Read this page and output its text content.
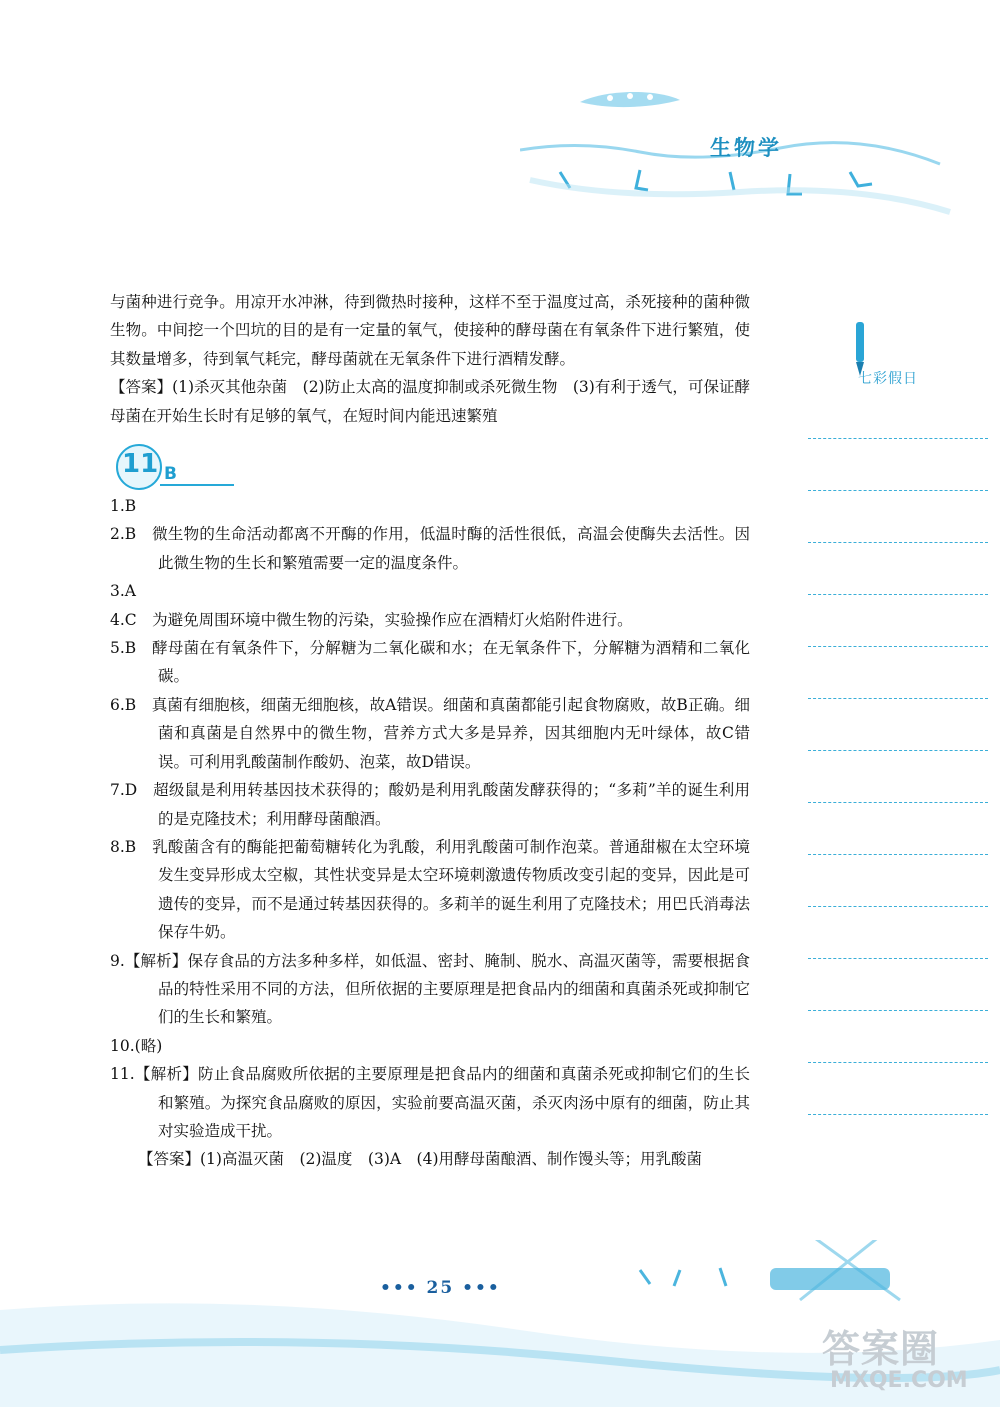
生物学

与菌种进行竞争。用凉开水冲淋，待到微热时接种，这样不至于温度过高，杀死接种的菌种微生物。中间挖一个凹坑的目的是有一定量的氧气，使接种的酵母菌在有氧条件下进行繁殖，使其数量增多，待到氧气耗完，酵母菌就在无氧条件下进行酒精发酵。

【答案】(1)杀灭其他杂菌　(2)防止太高的温度抑制或杀死微生物　(3)有利于透气，可保证酵母菌在开始生长时有足够的氧气，在短时间内能迅速繁殖

11 B

1.B

2.B　微生物的生命活动都离不开酶的作用，低温时酶的活性很低，高温会使酶失去活性。因此微生物的生长和繁殖需要一定的温度条件。

3.A

4.C　为避免周围环境中微生物的污染，实验操作应在酒精灯火焰附件进行。

5.B　酵母菌在有氧条件下，分解糖为二氧化碳和水；在无氧条件下，分解糖为酒精和二氧化碳。

6.B　真菌有细胞核，细菌无细胞核，故A错误。细菌和真菌都能引起食物腐败，故B正确。细菌和真菌是自然界中的微生物，营养方式大多是异养，因其细胞内无叶绿体，故C错误。可利用乳酸菌制作酸奶、泡菜，故D错误。

7.D　超级鼠是利用转基因技术获得的；酸奶是利用乳酸菌发酵获得的；“多莉”羊的诞生利用的是克隆技术；利用酵母菌酿酒。

8.B　乳酸菌含有的酶能把葡萄糖转化为乳酸，利用乳酸菌可制作泡菜。普通甜椒在太空环境发生变异形成太空椒，其性状变异是太空环境刺激遗传物质改变引起的变异，因此是可遗传的变异，而不是通过转基因获得的。多莉羊的诞生利用了克隆技术；用巴氏消毒法保存牛奶。

9.【解析】保存食品的方法多种多样，如低温、密封、腌制、脱水、高温灭菌等，需要根据食品的特性采用不同的方法，但所依据的主要原理是把食品内的细菌和真菌杀死或抑制它们的生长和繁殖。

10.(略)

11.【解析】防止食品腐败所依据的主要原理是把食品内的细菌和真菌杀死或抑制它们的生长和繁殖。为探究食品腐败的原因，实验前要高温灭菌，杀灭肉汤中原有的细菌，防止其对实验造成干扰。

【答案】(1)高温灭菌　(2)温度　(3)A　(4)用酵母菌酿酒、制作馒头等；用乳酸菌

七彩假日
••• 25 •••
答案圈
MXQE.COM
